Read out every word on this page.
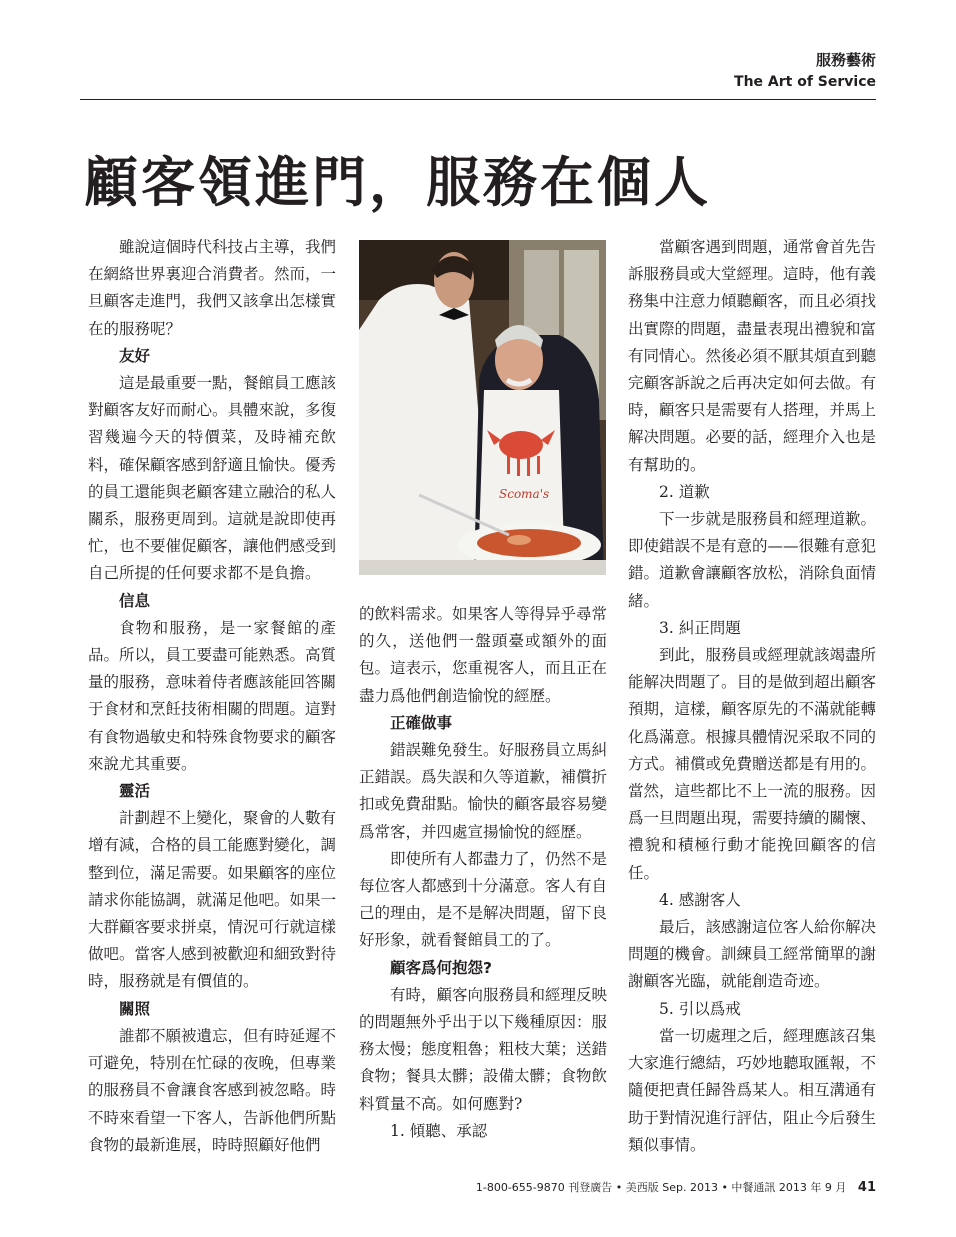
服務藝術
The Art of Service
顧客領進門，服務在個人

雖說這個時代科技占主導，我們在網絡世界裏迎合消費者。然而，一旦顧客走進門，我們又該拿出怎樣實在的服務呢？

友好

這是最重要一點，餐館員工應該對顧客友好而耐心。具體來說，多復習幾遍今天的特價菜，及時補充飲料，確保顧客感到舒適且愉快。優秀的員工還能與老顧客建立融洽的私人關系，服務更周到。這就是說即使再忙，也不要催促顧客，讓他們感受到自己所提的任何要求都不是負擔。

信息

食物和服務，是一家餐館的產品。所以，員工要盡可能熟悉。高質量的服務，意味着侍者應該能回答關于食材和烹飪技術相關的問題。這對有食物過敏史和特殊食物要求的顧客來說尤其重要。

靈活

計劃趕不上變化，聚會的人數有增有減，合格的員工能應對變化，調整到位，滿足需要。如果顧客的座位請求你能協調，就滿足他吧。如果一大群顧客要求拼桌，情況可行就這樣做吧。當客人感到被歡迎和細致對待時，服務就是有價值的。

關照

誰都不願被遺忘，但有時延遲不可避免，特別在忙碌的夜晚，但專業的服務員不會讓食客感到被忽略。時不時來看望一下客人，告訴他們所點食物的最新進展，時時照顧好他們

Scoma's

的飲料需求。如果客人等得异乎尋常的久，送他們一盤頭臺或額外的面包。這表示，您重視客人，而且正在盡力爲他們創造愉悅的經歷。

正確做事

錯誤難免發生。好服務員立馬糾正錯誤。爲失誤和久等道歉，補償折扣或免費甜點。愉快的顧客最容易變爲常客，并四處宣揚愉悅的經歷。

即使所有人都盡力了，仍然不是每位客人都感到十分滿意。客人有自己的理由，是不是解决問題，留下良好形象，就看餐館員工的了。

顧客爲何抱怨?

有時，顧客向服務員和經理反映的問題無外乎出于以下幾種原因：服務太慢；態度粗魯；粗枝大葉；送錯食物；餐具太髒；設備太髒；食物飲料質量不高。如何應對?

1. 傾聽、承認

當顧客遇到問題，通常會首先告訴服務員或大堂經理。這時，他有義務集中注意力傾聽顧客，而且必須找出實際的問題，盡量表現出禮貌和富有同情心。然後必須不厭其煩直到聽完顧客訴說之后再决定如何去做。有時，顧客只是需要有人搭理，并馬上解决問題。必要的話，經理介入也是有幫助的。

2. 道歉

下一步就是服務員和經理道歉。即使錯誤不是有意的——很難有意犯錯。道歉會讓顧客放松，消除負面情緒。

3. 糾正問題

到此，服務員或經理就該竭盡所能解决問題了。目的是做到超出顧客預期，這樣，顧客原先的不滿就能轉化爲滿意。根據具體情況采取不同的方式。補償或免費贈送都是有用的。當然，這些都比不上一流的服務。因爲一旦問題出現，需要持續的關懷、禮貌和積極行動才能挽回顧客的信任。

4. 感謝客人

最后，該感謝這位客人給你解决問題的機會。訓練員工經常簡單的謝謝顧客光臨，就能創造奇迹。

5. 引以爲戒

當一切處理之后，經理應該召集大家進行總結，巧妙地聽取匯報，不隨便把責任歸咎爲某人。相互溝通有助于對情況進行評估，阻止今后發生類似事情。

1-800-655-9870 刊登廣告 • 美西版 Sep. 2013 • 中餐通訊 2013 年 9 月 41
